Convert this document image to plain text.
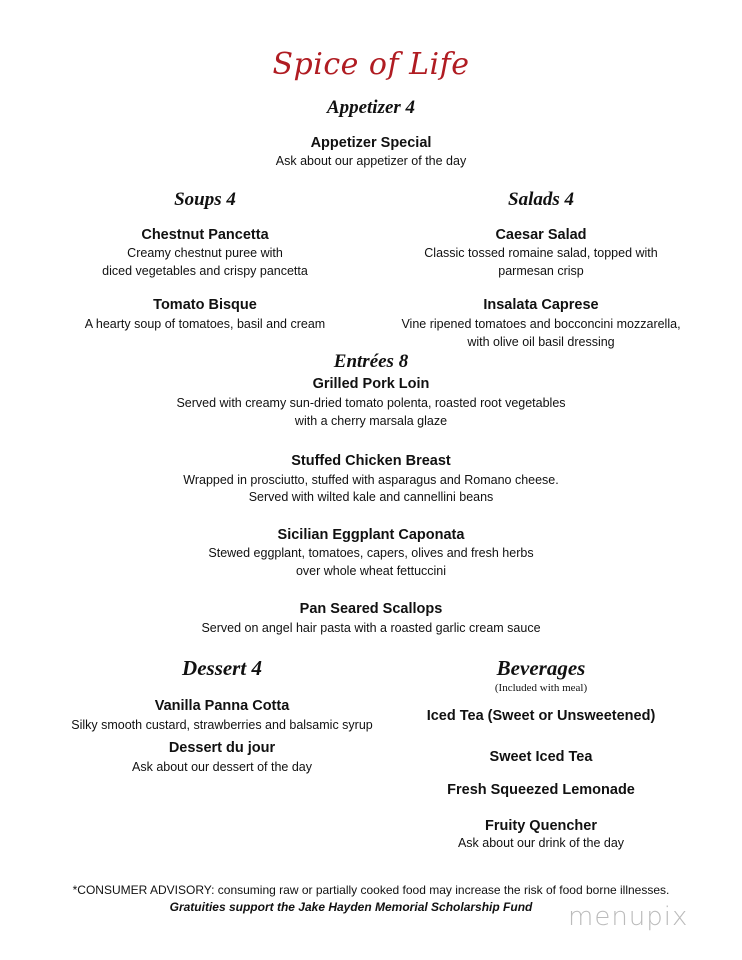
Spice of Life
Appetizer 4
Appetizer Special
Ask about our appetizer of the day
Soups 4
Chestnut Pancetta
Creamy chestnut puree with
diced vegetables and crispy pancetta
Tomato Bisque
A hearty soup of tomatoes, basil and cream
Salads 4
Caesar Salad
Classic tossed romaine salad, topped with
parmesan crisp
Insalata Caprese
Vine ripened tomatoes and bocconcini mozzarella,
with olive oil basil dressing
Entrées 8
Grilled Pork Loin
Served with creamy sun-dried tomato polenta, roasted root vegetables
with a cherry marsala glaze
Stuffed Chicken Breast
Wrapped in prosciutto, stuffed with asparagus and Romano cheese.
Served with wilted kale and cannellini beans
Sicilian Eggplant Caponata
Stewed eggplant, tomatoes, capers, olives and fresh herbs
over whole wheat fettuccini
Pan Seared Scallops
Served on angel hair pasta with a roasted garlic cream sauce
Dessert 4
Vanilla Panna Cotta
Silky smooth custard, strawberries and balsamic syrup
Dessert du jour
Ask about our dessert of the day
Beverages
(Included with meal)
Iced Tea (Sweet or Unsweetened)
Sweet Iced Tea
Fresh Squeezed Lemonade
Fruity Quencher
Ask about our drink of the day
*CONSUMER ADVISORY: consuming raw or partially cooked food may increase the risk of food borne illnesses.
Gratuities support the Jake Hayden Memorial Scholarship Fund	menupix
